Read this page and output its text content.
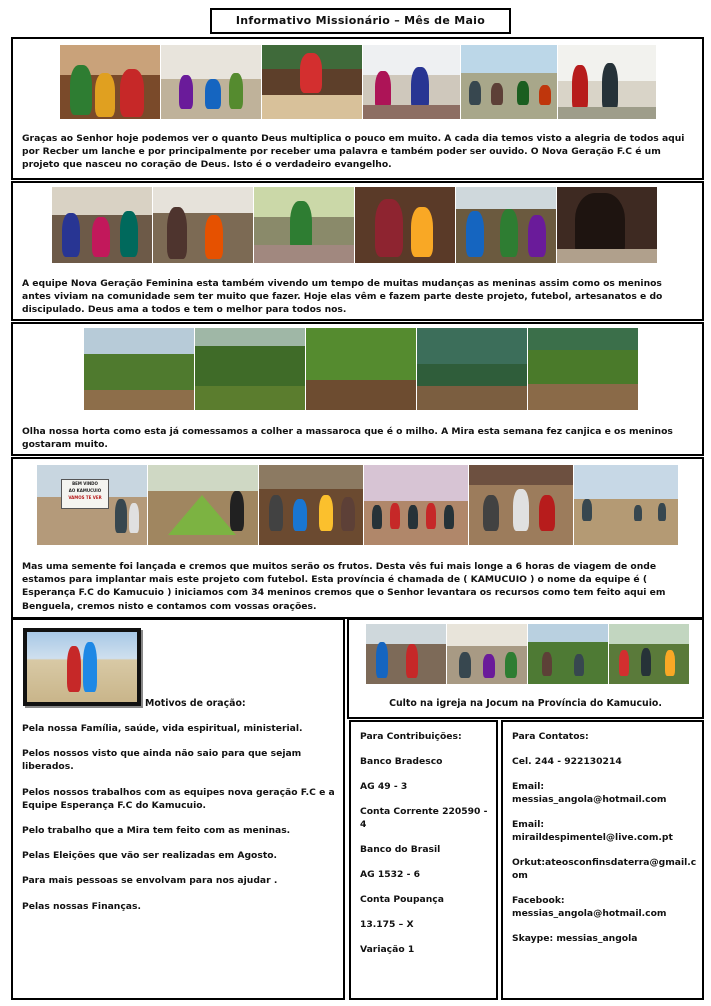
Informativo Missionário – Mês de Maio
Graças ao Senhor hoje podemos ver o quanto Deus multiplica o pouco em muito. A cada dia temos visto a alegria de todos aqui por Recber um lanche e por principalmente por receber uma palavra e também poder ser ouvido. O Nova Geração F.C é um projeto que nasceu no coração de Deus. Isto é o verdadeiro evangelho.
A equipe Nova Geração Feminina esta também vivendo um tempo de muitas mudanças as meninas assim como os meninos antes viviam na comunidade sem ter muito que fazer. Hoje elas vêm e fazem parte deste projeto, futebol, artesanatos e do discipulado. Deus ama a todos e tem o melhor para todos nos.
Olha nossa horta como esta já comessamos a colher a massaroca que é o milho. A Mira esta semana fez canjica e os meninos gostaram muito.
BEM VINDO
AO KAMUCUIO
VAMOS TE VER
Mas uma semente foi lançada e cremos que muitos serão os frutos. Desta vês fui mais longe a 6 horas de viagem de onde estamos para implantar mais este projeto com futebol. Esta província é chamada de ( KAMUCUIO ) o nome da equipe é ( Esperança F.C do Kamucuio ) iniciamos com 34 meninos cremos que o Senhor levantara os recursos como tem feito aqui em Benguela, cremos nisto e contamos com vossas orações.
Motivos de oração:
Pela nossa Família, saúde, vida espiritual, ministerial.
Pelos nossos visto que ainda não saio para que sejam liberados.
Pelos nossos trabalhos com as equipes nova geração F.C e a Equipe Esperança F.C do Kamucuio.
Pelo trabalho que a Mira tem feito com as meninas.
Pelas Eleições que vão ser realizadas em Agosto.
Para mais pessoas se envolvam para nos ajudar .
Pelas nossas Finanças.
Culto na igreja na Jocum na Província do Kamucuio.
Para Contribuições:
Banco Bradesco
AG 49 - 3
Conta Corrente 220590 - 4
Banco do Brasil
AG 1532 - 6
Conta Poupança
13.175 – X
Variação 1
Para Contatos:
Cel. 244 - 922130214
Email: messias_angola@hotmail.com
Email: miraildespimentel@live.com.pt
Orkut:ateosconfinsdaterra@gmail.com
Facebook: messias_angola@hotmail.com
Skaype: messias_angola
